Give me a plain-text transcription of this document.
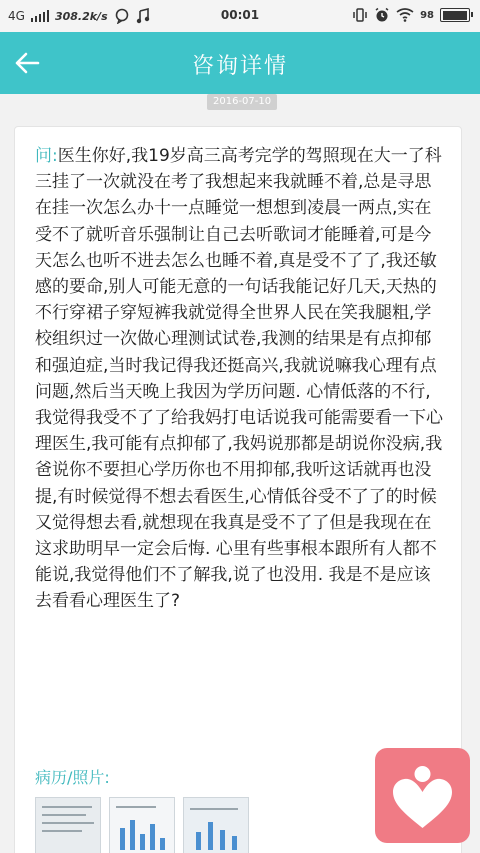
4G	308.2k/s	00:01	98
咨询详情
2016-07-10
问:医生你好,我19岁高三高考完学的驾照现在大一了科三挂了一次就没在考了我想起来我就睡不着,总是寻思在挂一次怎么办十一点睡觉一想想到凌晨一两点,实在受不了就听音乐强制让自己去听歌词才能睡着,可是今天怎么也听不进去怎么也睡不着,真是受不了了,我还敏感的要命,别人可能无意的一句话我能记好几天,天热的不行穿裙子穿短裤我就觉得全世界人民在笑我腿粗,学校组织过一次做心理测试试卷,我测的结果是有点抑郁和强迫症,当时我记得我还挺高兴,我就说嘛我心理有点问题,然后当天晚上我因为学历问题. 心情低落的不行,我觉得我受不了了给我妈打电话说我可能需要看一下心理医生,我可能有点抑郁了,我妈说那都是胡说你没病,我爸说你不要担心学历你也不用抑郁,我听这话就再也没提,有时候觉得不想去看医生,心情低谷受不了了的时候又觉得想去看,就想现在我真是受不了了但是我现在在这求助明早一定会后悔. 心里有些事根本跟所有人都不能说,我觉得他们不了解我,说了也没用. 我是不是应该去看看心理医生了?
病历/照片:
